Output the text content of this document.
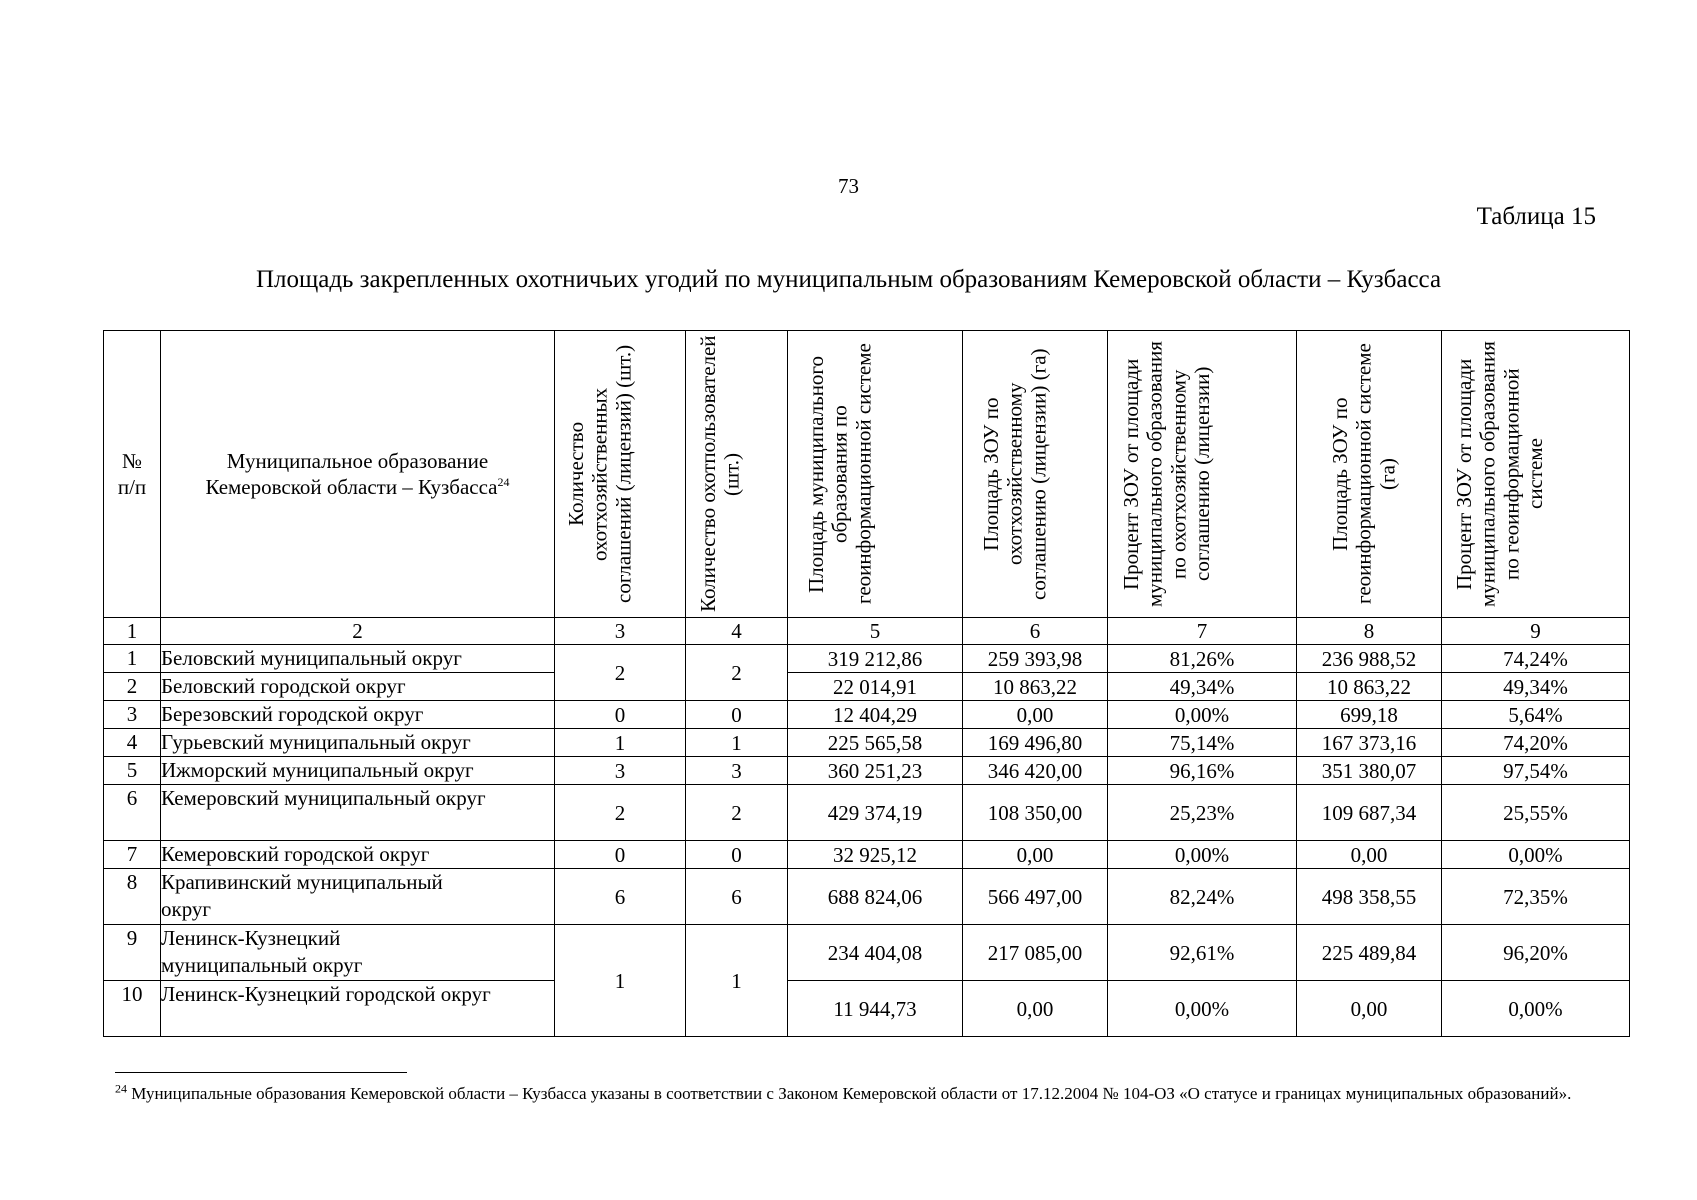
73
Таблица 15
Площадь закрепленных охотничьих угодий по муниципальным образованиям Кемеровской области – Кузбасса
№ п/п	Муниципальное образование Кемеровской области – Кузбасса$^{24}$	Количество охотхозяйственных соглашений (лицензий) (шт.)	Количество охотпользователей (шт.)	Площадь муниципального образования по геоинформационной системе	Площадь ЗОУ по охотхозяйственному соглашению (лицензии) (га)	Процент ЗОУ от площади муниципального образования по охотхозяйственному соглашению (лицензии)	Площадь ЗОУ по геоинформационной системе (га)	Процент ЗОУ от площади муниципального образования по геоинформационной системе

1	2	3	4	5	6	7	8	9
1	Беловский муниципальный округ	2	2	319 212,86	259 393,98	81,26%	236 988,52	74,24%
2	Беловский городской округ			22 014,91	10 863,22	49,34%	10 863,22	49,34%
3	Березовский городской округ	0	0	12 404,29	0,00	0,00%	699,18	5,64%
4	Гурьевский муниципальный округ	1	1	225 565,58	169 496,80	75,14%	167 373,16	74,20%
5	Ижморский муниципальный округ	3	3	360 251,23	346 420,00	96,16%	351 380,07	97,54%
6	Кемеровский муниципальный округ	2	2	429 374,19	108 350,00	25,23%	109 687,34	25,55%
7	Кемеровский городской округ	0	0	32 925,12	0,00	0,00%	0,00	0,00%
8	Крапивинский муниципальный округ	6	6	688 824,06	566 497,00	82,24%	498 358,55	72,35%
9	Ленинск-Кузнецкий муниципальный округ	1	1	234 404,08	217 085,00	92,61%	225 489,84	96,20%
10	Ленинск-Кузнецкий городской округ			11 944,73	0,00	0,00%	0,00	0,00%
$^{24}$ Муниципальные образования Кемеровской области – Кузбасса указаны в соответствии с Законом Кемеровской области от 17.12.2004 № 104-ОЗ «О статусе и границах муниципальных образований».
